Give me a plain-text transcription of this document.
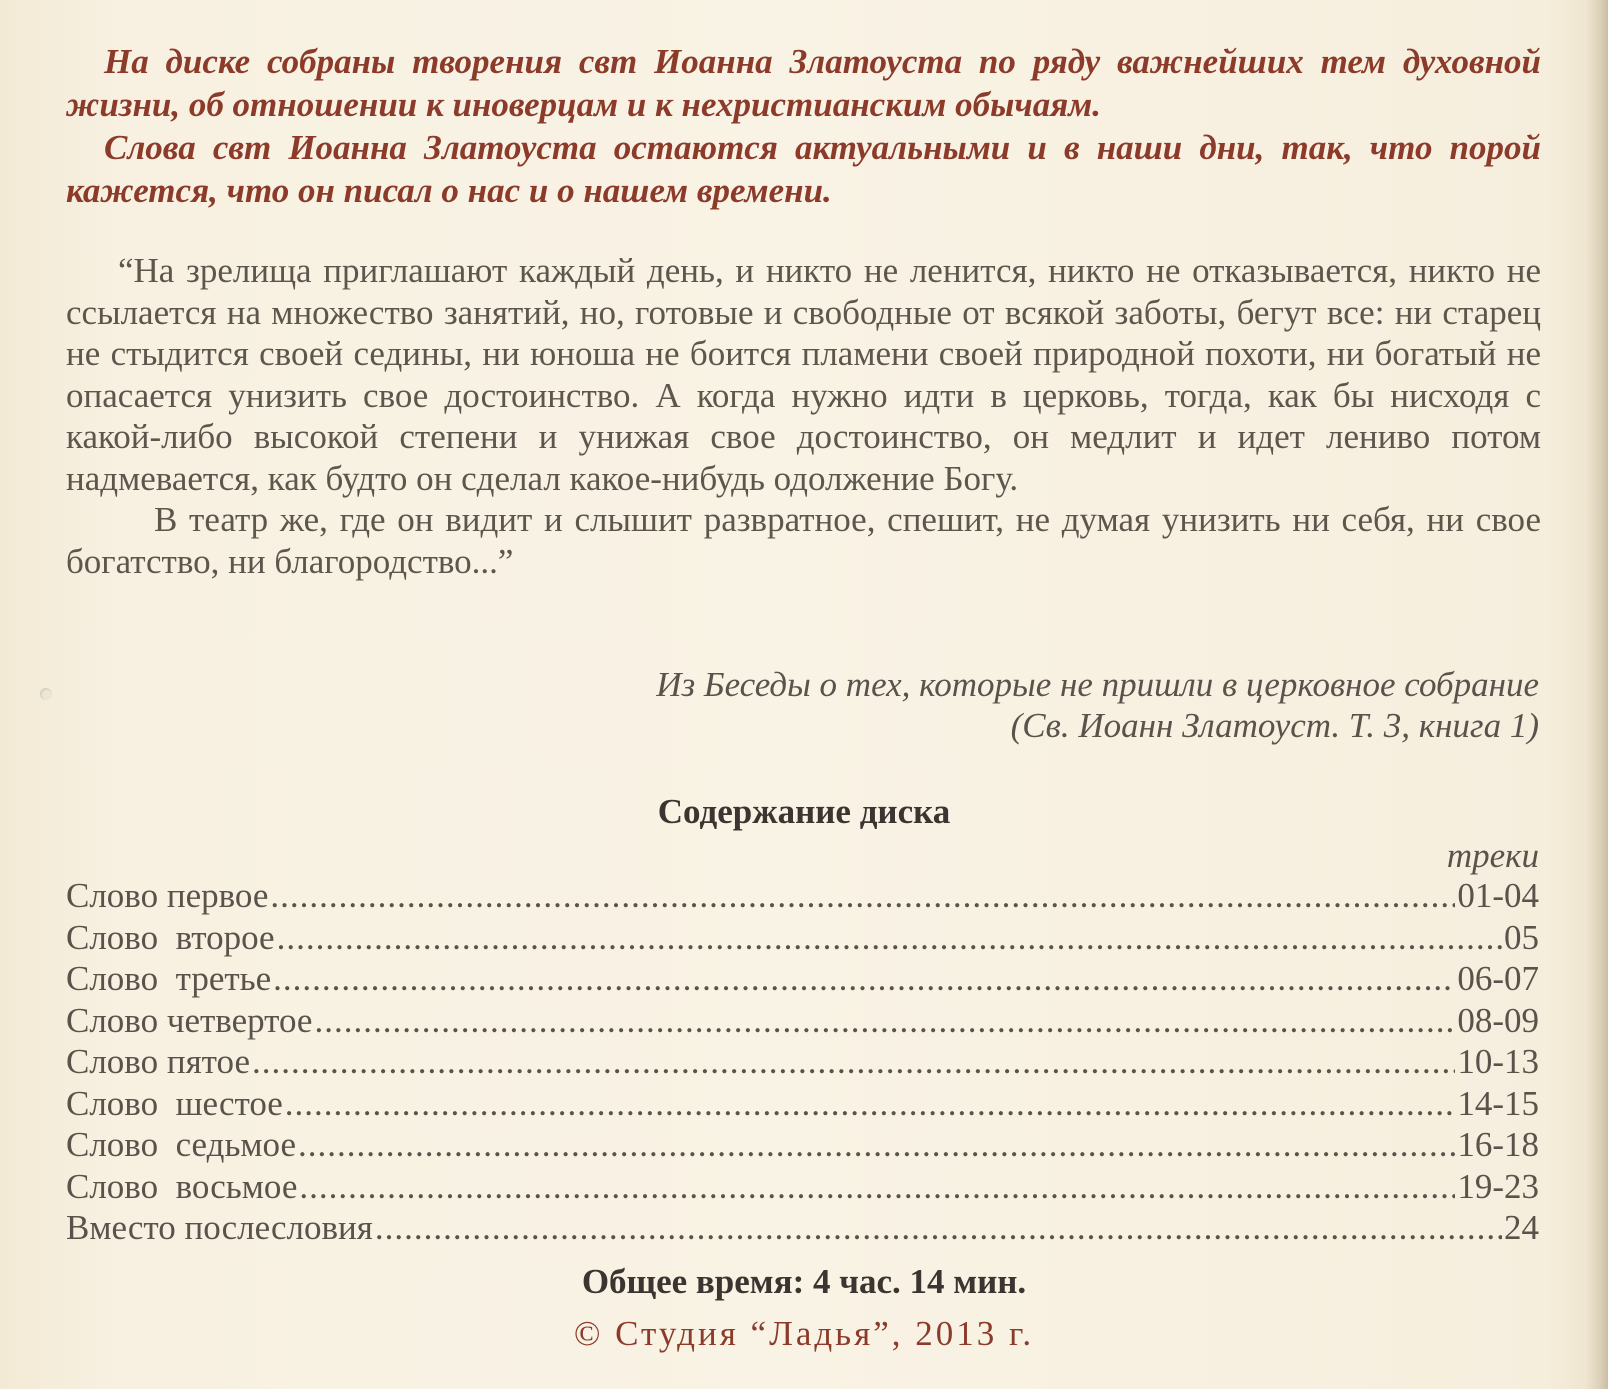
На диске собраны творения свт Иоанна Златоуста по ряду важнейших тем духовной жизни, об отношении к иноверцам и к нехристианским обычаям.

Слова свт Иоанна Златоуста остаются актуальными и в наши дни, так, что порой кажется, что он писал о нас и о нашем времени.

“На зрелища приглашают каждый день, и никто не ленится, никто не отказывается, никто не ссылается на множество занятий, но, готовые и свободные от всякой заботы, бегут все: ни старец не стыдится своей седины, ни юноша не боится пламени своей природной похоти, ни богатый не опасается унизить свое достоинство. А когда нужно идти в церковь, тогда, как бы нисходя с какой-либо высокой степени и унижая свое достоинство, он медлит и идет лениво потом надмевается, как будто он сделал какое-нибудь одолжение Богу.

В театр же, где он видит и слышит развратное, спешит, не думая унизить ни себя, ни свое богатство, ни благородство...”

Из Беседы о тех, которые не пришли в церковное собрание
(Св. Иоанн Златоуст. Т. 3, книга 1)
Содержание диска
треки
Слово первое .....	01-04
Слово  второе .....	05
Слово  третье .....	06-07
Слово четвертое .....	08-09
Слово пятое .....	10-13
Слово  шестое .....	14-15
Слово  седьмое .....	16-18
Слово  восьмое .....	19-23
Вместо послесловия .....	24
Общее время: 4 час. 14 мин.
© Студия “Ладья”, 2013 г.
